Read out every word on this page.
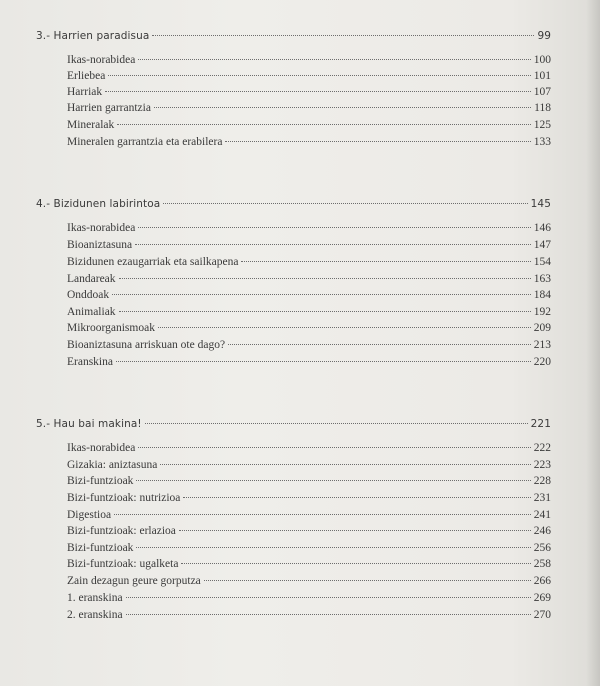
3.- Harrien paradisua	99
Ikas-norabidea	100
Erliebea	101
Harriak	107
Harrien garrantzia	118
Mineralak	125
Mineralen garrantzia eta erabilera	133
4.- Bizidunen labirintoa	145
Ikas-norabidea	146
Bioaniztasuna	147
Bizidunen ezaugarriak eta sailkapena	154
Landareak	163
Onddoak	184
Animaliak	192
Mikroorganismoak	209
Bioaniztasuna arriskuan ote dago?	213
Eranskina	220
5.- Hau bai makina!	221
Ikas-norabidea	222
Gizakia: aniztasuna	223
Bizi-funtzioak	228
Bizi-funtzioak: nutrizioa	231
Digestioa	241
Bizi-funtzioak: erlazioa	246
Bizi-funtzioak	256
Bizi-funtzioak: ugalketa	258
Zain dezagun geure gorputza	266
1. eranskina	269
2. eranskina	270
